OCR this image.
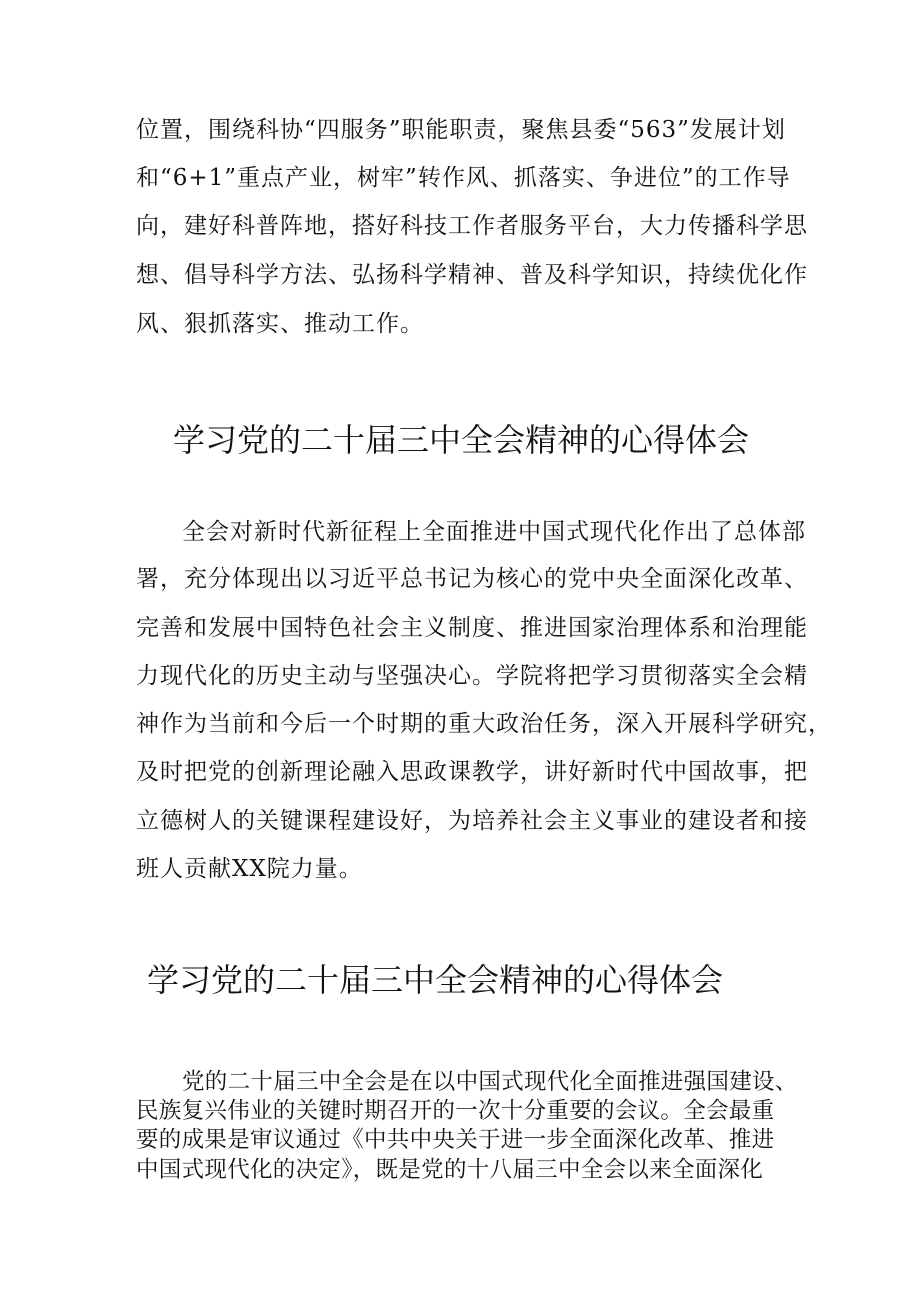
位置，围绕科协“四服务”职能职责，聚焦县委“563”发展计划
和“6+1”重点产业，树牢”转作风、抓落实、争进位”的工作导
向，建好科普阵地，搭好科技工作者服务平台，大力传播科学思
想、倡导科学方法、弘扬科学精神、普及科学知识，持续优化作
风、狠抓落实、推动工作。
学习党的二十届三中全会精神的心得体会
全会对新时代新征程上全面推进中国式现代化作出了总体部
署，充分体现出以习近平总书记为核心的党中央全面深化改革、
完善和发展中国特色社会主义制度、推进国家治理体系和治理能
力现代化的历史主动与坚强决心。学院将把学习贯彻落实全会精
神作为当前和今后一个时期的重大政治任务，深入开展科学研究，
及时把党的创新理论融入思政课教学，讲好新时代中国故事，把
立德树人的关键课程建设好，为培养社会主义事业的建设者和接
班人贡献XX院力量。
学习党的二十届三中全会精神的心得体会
党的二十届三中全会是在以中国式现代化全面推进强国建设、
民族复兴伟业的关键时期召开的一次十分重要的会议。全会最重
要的成果是审议通过《中共中央关于进一步全面深化改革、推进
中国式现代化的决定》，既是党的十八届三中全会以来全面深化
